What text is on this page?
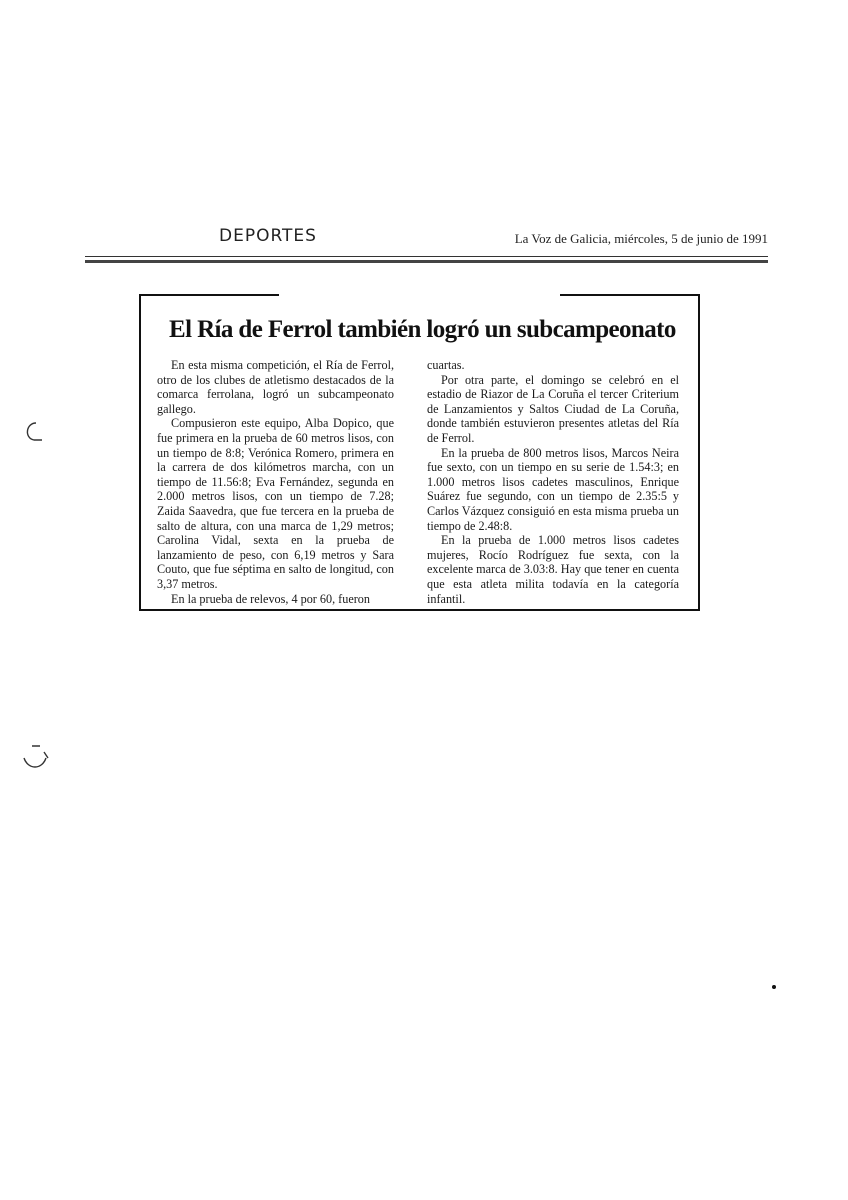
DEPORTES	La Voz de Galicia, miércoles, 5 de junio de 1991
El Ría de Ferrol también logró un subcampeonato

En esta misma competición, el Ría de Ferrol, otro de los clubes de atletismo destacados de la comarca ferrolana, logró un subcampeonato gallego.

Compusieron este equipo, Alba Dopico, que fue primera en la prueba de 60 metros lisos, con un tiempo de 8:8; Verónica Romero, primera en la carrera de dos kilómetros marcha, con un tiempo de 11.56:8; Eva Fernández, segunda en 2.000 metros lisos, con un tiempo de 7.28; Zaida Saavedra, que fue tercera en la prueba de salto de altura, con una marca de 1,29 metros; Carolina Vidal, sexta en la prueba de lanzamiento de peso, con 6,19 metros y Sara Couto, que fue séptima en salto de longitud, con 3,37 metros.

En la prueba de relevos, 4 por 60, fueron

cuartas.

Por otra parte, el domingo se celebró en el estadio de Riazor de La Coruña el tercer Criterium de Lanzamientos y Saltos Ciudad de La Coruña, donde también estuvieron presentes atletas del Ría de Ferrol.

En la prueba de 800 metros lisos, Marcos Neira fue sexto, con un tiempo en su serie de 1.54:3; en 1.000 metros lisos cadetes masculinos, Enrique Suárez fue segundo, con un tiempo de 2.35:5 y Carlos Vázquez consiguió en esta misma prueba un tiempo de 2.48:8.

En la prueba de 1.000 metros lisos cadetes mujeres, Rocío Rodríguez fue sexta, con la excelente marca de 3.03:8. Hay que tener en cuenta que esta atleta milita todavía en la categoría infantil.
